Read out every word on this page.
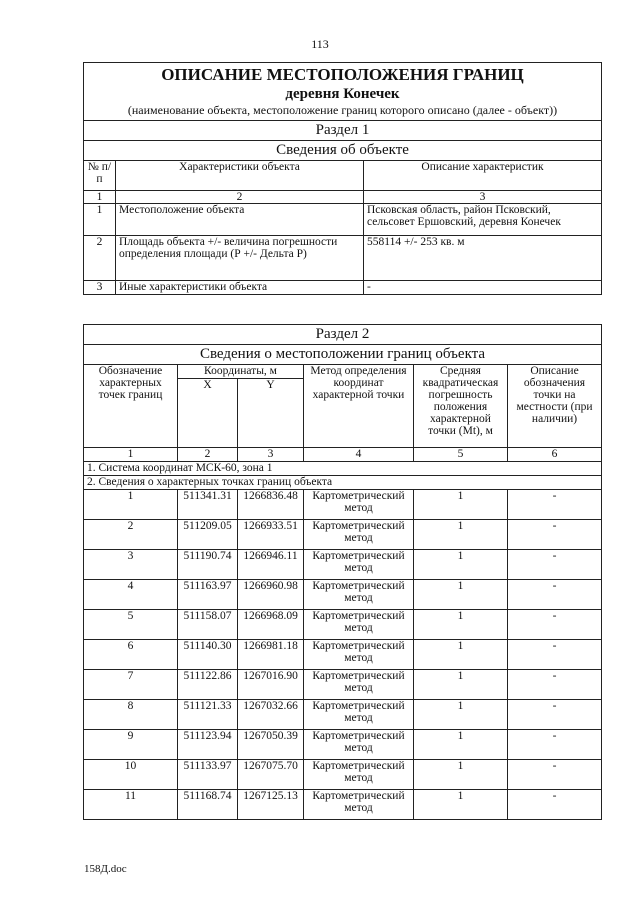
113
ОПИСАНИЕ МЕСТОПОЛОЖЕНИЯ ГРАНИЦ
деревня Конечек
(наименование объекта, местоположение границ которого описано (далее - объект))		

Раздел 1		
Сведения об объекте		
№ п/п	Характеристики объекта	Описание характеристик
1	2	3
1	Местоположение объекта	Псковская область, район Псковский, сельсовет Ершовский, деревня Конечек
2	Площадь объекта +/- величина погрешности определения площади (Р +/- Дельта Р)	558114 +/- 253 кв. м
3	Иные характеристики объекта	-
Раздел 2					
Сведения о местоположении границ объекта					
Обозначение характерных точек границ	Координаты, м		Метод определения координат характерной точки	Средняя квадратическая погрешность положения характерной точки (Мt), м	Описание обозначения точки на местности (при наличии)
	X	Y			
1	2	3	4	5	6
1. Система координат МСК-60, зона 1					
2. Сведения о характерных точках границ объекта					
1	511341.31	1266836.48	Картометрический метод	1	-
2	511209.05	1266933.51	Картометрический метод	1	-
3	511190.74	1266946.11	Картометрический метод	1	-
4	511163.97	1266960.98	Картометрический метод	1	-
5	511158.07	1266968.09	Картометрический метод	1	-
6	511140.30	1266981.18	Картометрический метод	1	-
7	511122.86	1267016.90	Картометрический метод	1	-
8	511121.33	1267032.66	Картометрический метод	1	-
9	511123.94	1267050.39	Картометрический метод	1	-
10	511133.97	1267075.70	Картометрический метод	1	-
11	511168.74	1267125.13	Картометрический метод	1	-
158Д.doc
